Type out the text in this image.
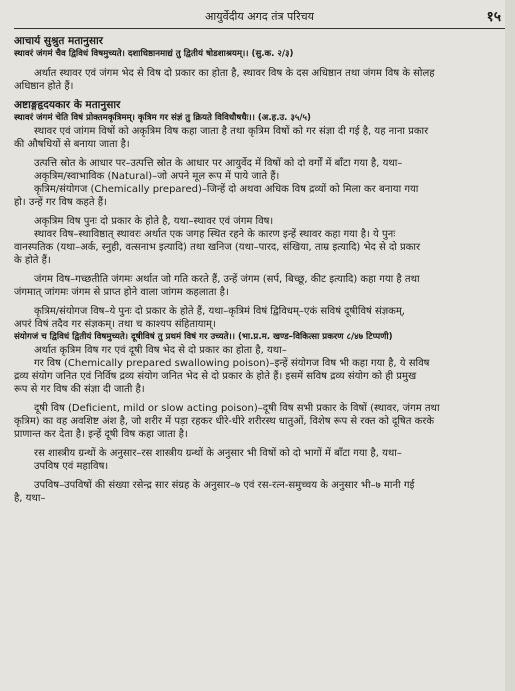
आयुर्वेदीय अगद तंत्र परिचय	१५
आचार्य सुश्रुत मतानुसार
स्थावरं जंगमं चैव द्विविधं विषमुच्यते। दशाधिष्ठानमाद्यं तु द्वितीयं षोडशाश्रयम्।। (सु.क. २/३)
अर्थात स्थावर एवं जंगम भेद से विष दो प्रकार का होता है, स्थावर विष के दस अधिष्ठान तथा जंगम विष के सोलह
अधिष्ठान होते हैं।
अष्टाङ्गहृदयकार के मतानुसार
स्थावरं जंगमं चेति विषं प्रोक्तमकृत्रिमम्। कृत्रिम गर संज्ञं तु क्रियते विविधौषधैः।। (अ.ह.उ. ३५/५)
स्थावर एवं जांगम विषों को अकृत्रिम विष कहा जाता है तथा कृत्रिम विषों को गर संज्ञा दी गई है, यह नाना प्रकार
की औषधियों से बनाया जाता है।
उत्पत्ति स्रोत के आधार पर–उत्पत्ति स्रोत के आधार पर आयुर्वेद में विषों को दो वर्गों में बाँटा गया है, यथा–
अकृत्रिम/स्वाभाविक (Natural)–जो अपने मूल रूप में पाये जाते हैं।
कृत्रिम/संयोगज (Chemically prepared)–जिन्हें दो अथवा अधिक विष द्रव्यों को मिला कर बनाया गया
हो। उन्हें गर विष कहते हैं।
अकृत्रिम विष पुनः दो प्रकार के होते है, यथा–स्थावर एवं जंगम विष।
स्थावर विष–स्थाविष्ठात् स्थावरः अर्थात एक जगह स्थित रहने के कारण इन्हें स्थावर कहा गया है। ये पुनः
वानस्पतिक (यथा–अर्क, स्नुही, वत्सनाभ इत्यादि) तथा खनिज (यथा–पारद, संखिया, ताम्र इत्यादि) भेद से दो प्रकार
के होते हैं।
जंगम विष–गच्छतीति जंगमः अर्थात जो गति करते हैं, उन्हें जंगम (सर्प, बिच्छू, कीट इत्यादि) कहा गया है तथा
जंगमात् जांगमः जंगम से प्राप्त होने वाला जांगम कहलाता है।
कृत्रिम/संयोगज विष–ये पुनः दो प्रकार के होते हैं, यथा–कृत्रिमं विषं द्विविधम्–एकं सविषं दूषीविषं संज्ञकम्,
अपरं विषं तदैव गर संज्ञकम्। तथा च काश्यप संहितायाम्।
संयोगजं च द्विविधं द्वितीयं विषमुच्यते। दूषीविषं तु प्रथमं विषं गर उच्यते।। (भा.प्र.म. खण्ड–विकित्सा प्रकरण ८/४७ टिप्पणी)
अर्थात कृत्रिम विष गर एवं दूषी विष भेद से दो प्रकार का होता है, यथा–
गर विष (Chemically prepared swallowing poison)–इन्हें संयोगज विष भी कहा गया है, ये सविष
द्रव्य संयोग जनित एवं निर्विष द्रव्य संयोग जनित भेद से दो प्रकार के होते हैं। इसमें सविष द्रव्य संयोग को ही प्रमुख
रूप से गर विष की संज्ञा दी जाती है।
दूषी विष (Deficient, mild or slow acting poison)–दूषी विष सभी प्रकार के विषों (स्थावर, जंगम तथा
कृत्रिम) का वह अवशिष्ट अंश है, जो शरीर में पड़ा रहकर धीरे-धीरे शरीरस्थ धातुओं, विशेष रूप से रक्त को दूषित करके
प्राणान्त कर देता है। इन्हें दूषी विष कहा जाता है।
रस शास्त्रीय ग्रन्थों के अनुसार–रस शास्त्रीय ग्रन्थों के अनुसार भी विषों को दो भागों में बाँटा गया है, यथा–
उपविष एवं महाविष।
उपविष–उपविषों की संख्या रसेन्द्र सार संग्रह के अनुसार–७ एवं रस-रत्न-समुच्चय के अनुसार भी–७ मानी गई
है, यथा–
